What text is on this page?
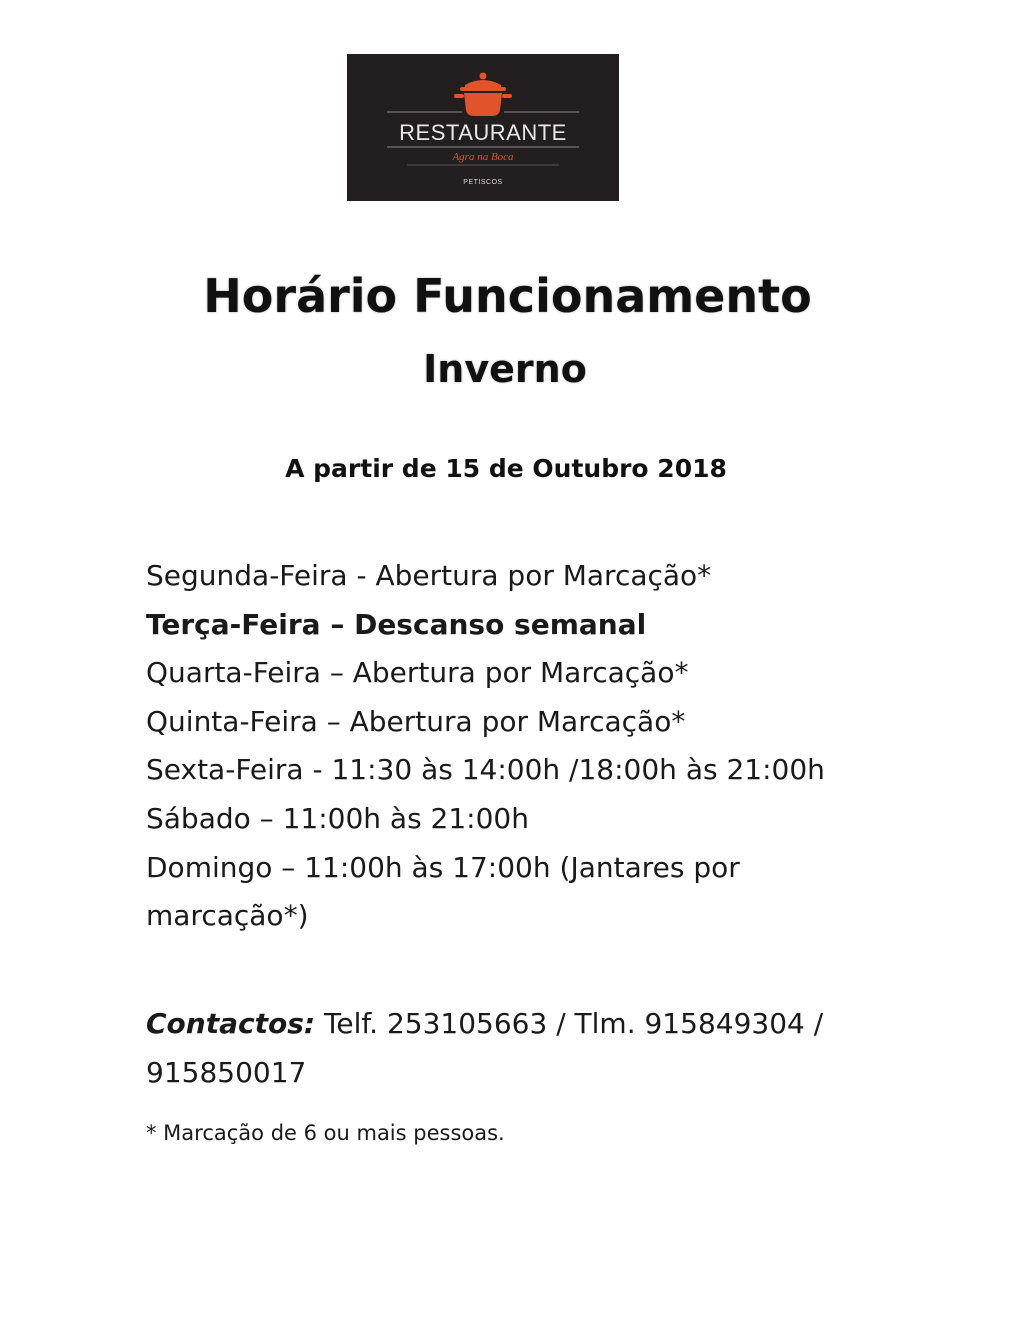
RESTAURANTE
Agra na Boca
PETISCOS
Horário Funcionamento
Inverno
A partir de 15 de Outubro 2018
Segunda-Feira - Abertura por Marcação*
Terça-Feira – Descanso semanal
Quarta-Feira – Abertura por Marcação*
Quinta-Feira – Abertura por Marcação*
Sexta-Feira - 11:30 às 14:00h /18:00h às 21:00h
Sábado – 11:00h às 21:00h
Domingo – 11:00h às 17:00h (Jantares por marcação*)
Contactos: Telf. 253105663 / Tlm. 915849304 / 915850017
* Marcação de 6 ou mais pessoas.
